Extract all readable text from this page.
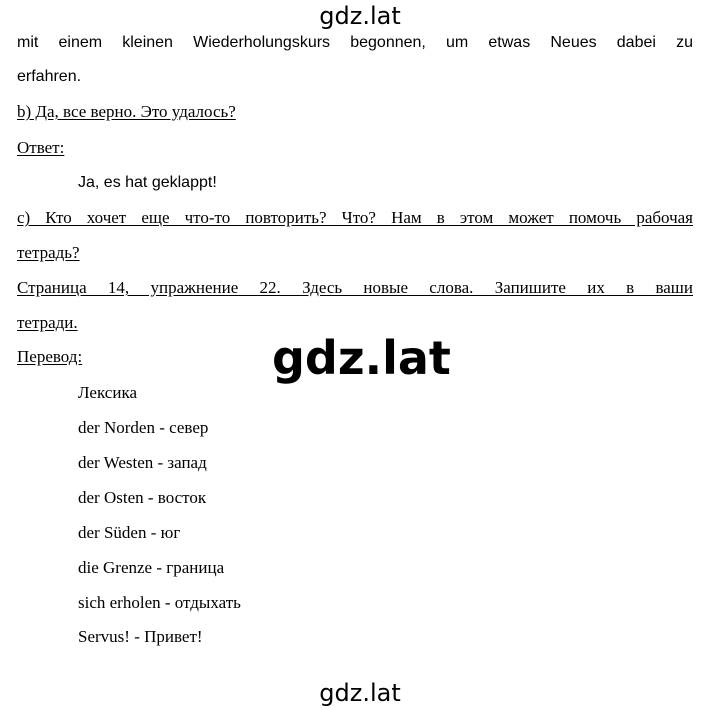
gdz.lat
mit einem kleinen Wiederholungskurs begonnen, um etwas Neues dabei zu
erfahren.
b) Да, все верно. Это удалось?
Ответ:
Ja, es hat geklappt!
с) Кто хочет еще что-то повторить? Что? Нам в этом может помочь рабочая
тетрадь?
Страница 14, упражнение 22. Здесь новые слова. Запишите их в ваши
тетради.
Перевод:	gdz.lat
Лексика
der Norden - север
der Westen - запад
der Osten - восток
der Süden - юг
die Grenze - граница
sich erholen - отдыхать
Servus! - Привет!
gdz.lat
